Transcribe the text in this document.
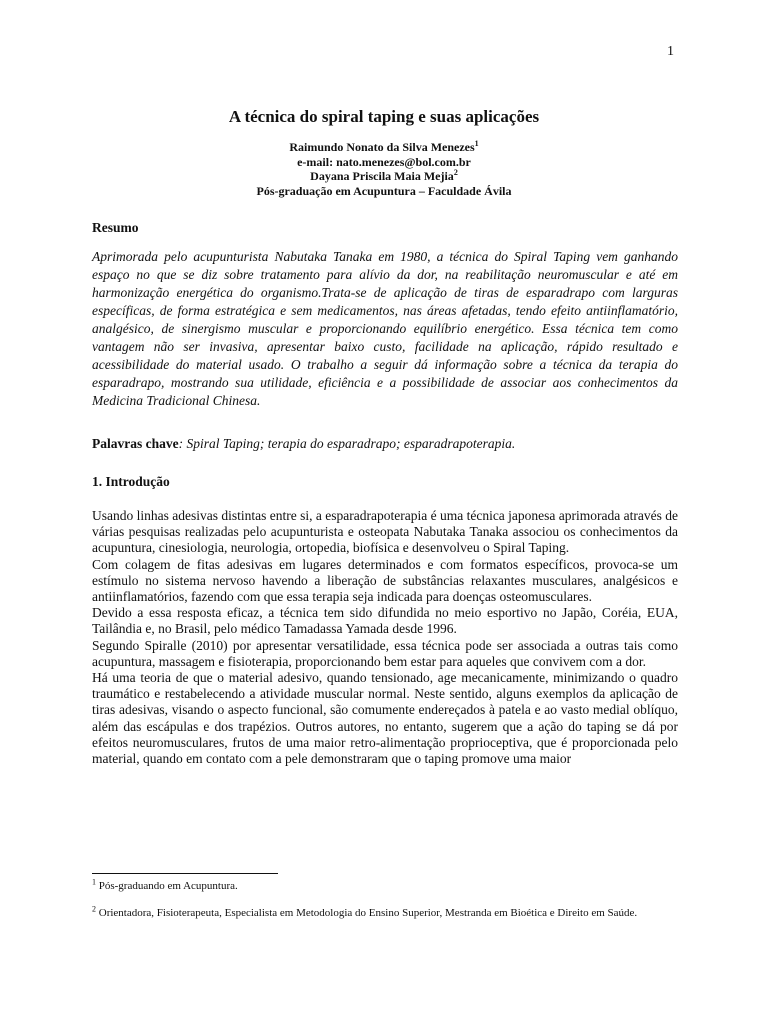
1
A técnica do spiral taping e suas aplicações
Raimundo Nonato da Silva Menezes$^1$
e-mail: nato.menezes@bol.com.br
Dayana Priscila Maia Mejia$^2$
Pós-graduação em Acupuntura – Faculdade Ávila
Resumo

Aprimorada pelo acupunturista Nabutaka Tanaka em 1980, a técnica do Spiral Taping vem ganhando espaço no que se diz sobre tratamento para alívio da dor, na reabilitação neuromuscular e até em harmonização energética do organismo.Trata-se de aplicação de tiras de esparadrapo com larguras específicas, de forma estratégica e sem medicamentos, nas áreas afetadas, tendo efeito antiinflamatório, analgésico, de sinergismo muscular e proporcionando equilíbrio energético. Essa técnica tem como vantagem não ser invasiva, apresentar baixo custo, facilidade na aplicação, rápido resultado e acessibilidade do material usado. O trabalho a seguir dá informação sobre a técnica da terapia do esparadrapo, mostrando sua utilidade, eficiência e a possibilidade de associar aos conhecimentos da Medicina Tradicional Chinesa.

Palavras chave: Spiral Taping; terapia do esparadrapo; esparadrapoterapia.

1. Introdução

Usando linhas adesivas distintas entre si, a esparadrapoterapia é uma técnica japonesa aprimorada através de várias pesquisas realizadas pelo acupunturista e osteopata Nabutaka Tanaka associou os conhecimentos da acupuntura, cinesiologia, neurologia, ortopedia, biofísica e desenvolveu o Spiral Taping.

Com colagem de fitas adesivas em lugares determinados e com formatos específicos, provoca-se um estímulo no sistema nervoso havendo a liberação de substâncias relaxantes musculares, analgésicos e antiinflamatórios, fazendo com que essa terapia seja indicada para doenças osteomusculares.

Devido a essa resposta eficaz, a técnica tem sido difundida no meio esportivo no Japão, Coréia, EUA, Tailândia e, no Brasil, pelo médico Tamadassa Yamada desde 1996.

Segundo Spiralle (2010) por apresentar versatilidade, essa técnica pode ser associada a outras tais como acupuntura, massagem e fisioterapia, proporcionando bem estar para aqueles que convivem com a dor.

Há uma teoria de que o material adesivo, quando tensionado, age mecanicamente, minimizando o quadro traumático e restabelecendo a atividade muscular normal. Neste sentido, alguns exemplos da aplicação de tiras adesivas, visando o aspecto funcional, são comumente endereçados à patela e ao vasto medial oblíquo, além das escápulas e dos trapézios. Outros autores, no entanto, sugerem que a ação do taping se dá por efeitos neuromusculares, frutos de uma maior retro-alimentação proprioceptiva, que é proporcionada pelo material, quando em contato com a pele demonstraram que o taping promove uma maior

$^1$ Pós-graduando em Acupuntura.

$^2$ Orientadora, Fisioterapeuta, Especialista em Metodologia do Ensino Superior, Mestranda em Bioética e Direito em Saúde.
